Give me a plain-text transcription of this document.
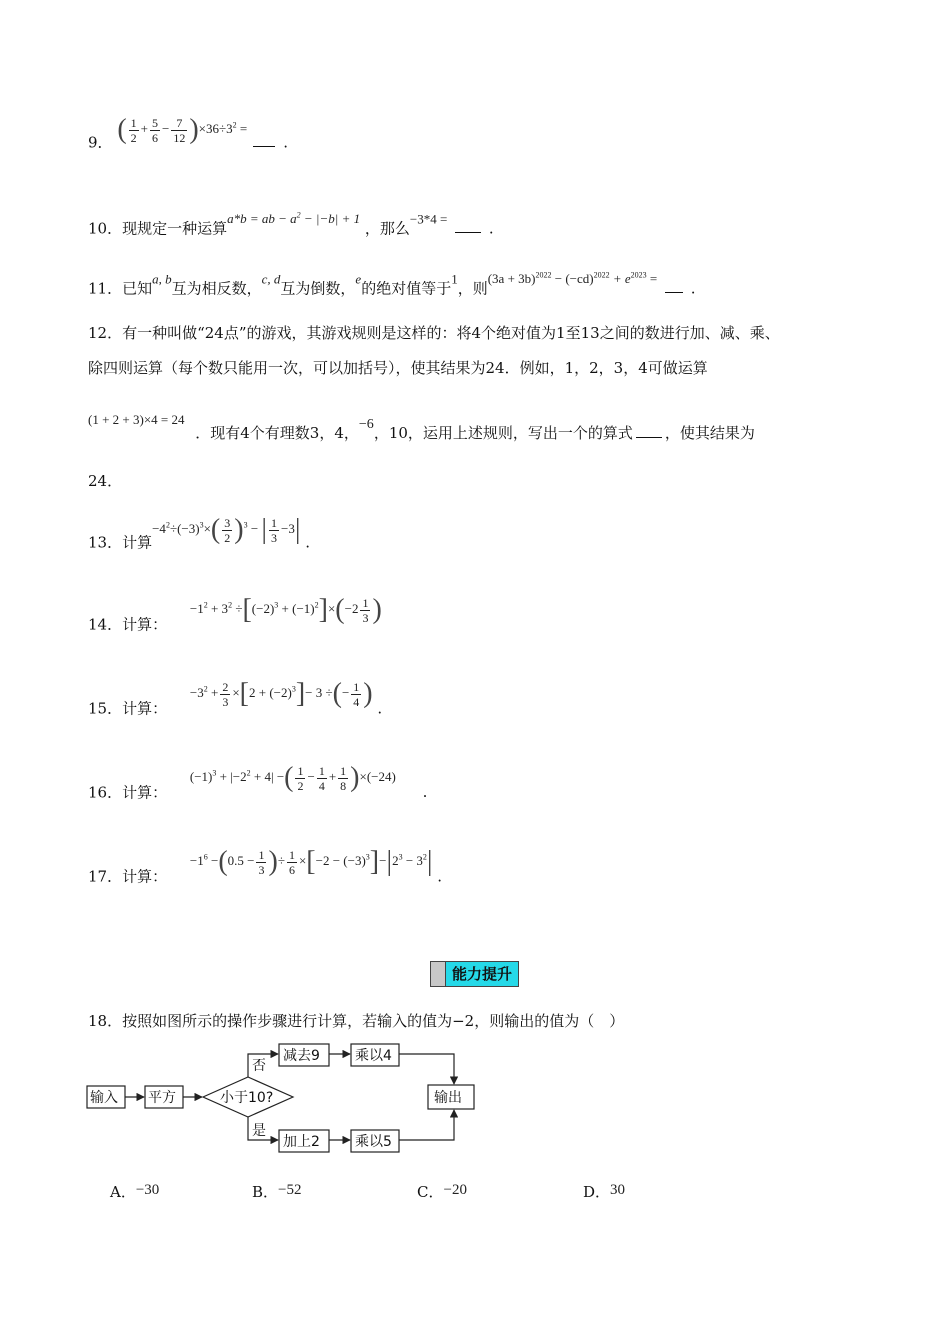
9． ( $\frac{1}{2} + \frac{5}{6} - \frac{7}{12} )\times 36\div 3^2$ =  .
10．现规定一种运算a*b = ab − $a^2 - |-b| + 1$ ，那么−3*4 =  .
11．已知a, b互为相反数，c, d互为倒数，e的绝对值等于1，则$(3a + 3b)^{2022} - (-cd)^{2022} + e^{2023}$ =  .
12．有一种叫做“24点”的游戏，其游戏规则是这样的：将4个绝对值为1至13之间的数进行加、减、乘、
除四则运算（每个数只能用一次，可以加括号），使其结果为24．例如，1，2，3，4可做运算
(1 + 2 + 3)×4 = 24 ．现有4个有理数3，4，−6，10，运用上述规则，写出一个的算式 ，使其结果为
24．
13．计算$-4^2\div(-3)^3\times( \frac{3}{2} )^3$ − | $\frac{1}{3} -3|$ .
14．计算： $-1^2 + 3^2 \div[(-2)^3 + (-1)^2]\times(-2 \frac{1}{3}$ )
15．计算： $-3^2 + \frac{2}{3} \times[2 + (-2)^3]- 3$ ÷(− $\frac{1}{4}$ ) .
16．计算： $(-1)^3 + |-2^2 + 4|$ −( $\frac{1}{2} - \frac{1}{4} + \frac{1}{8} )\times(-24)$ .
17．计算： $-1^6 -(0.5 - \frac{1}{3}$ )÷ $\frac{1}{6} \times[-2 - (-3)^3]-|2^3 - 3^2|$ .
能力提升
18．按照如图所示的操作步骤进行计算，若输入的值为−2，则输出的值为（　）
输入 平方	小于10?
否
是
减去9	乘以4
加上2	乘以5
输出
A．−30	B．−52	C．−20	D．30
